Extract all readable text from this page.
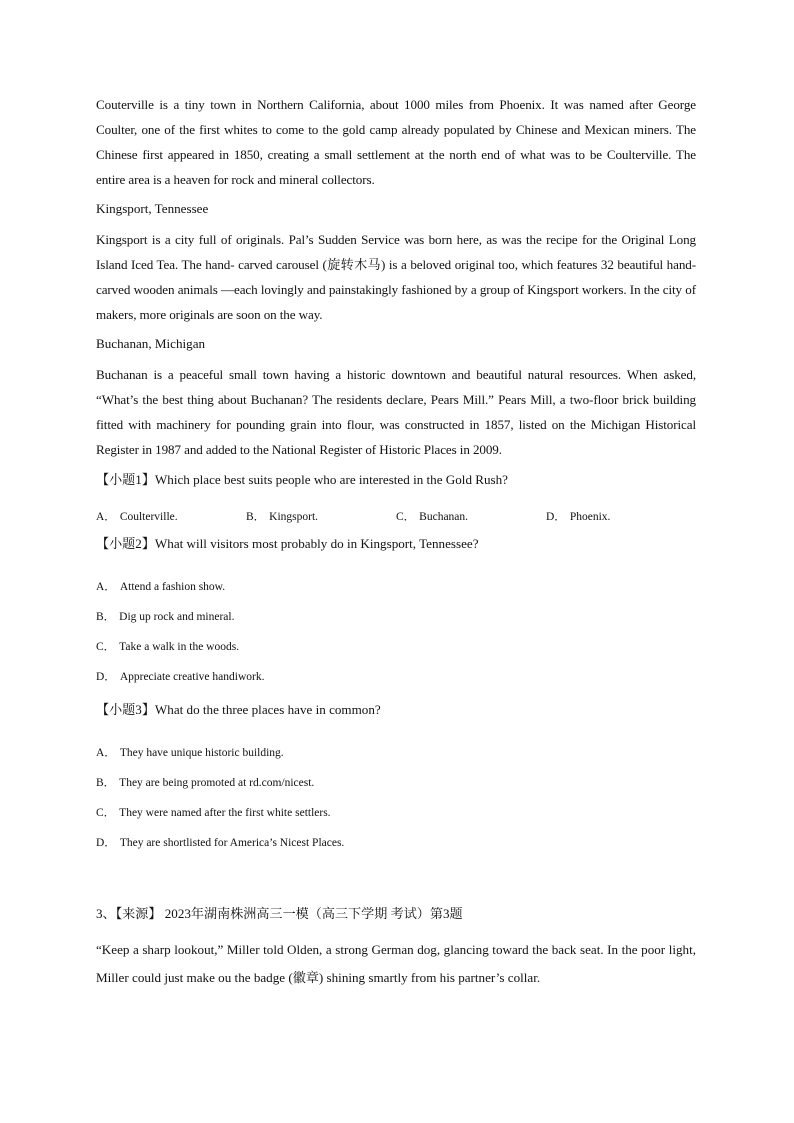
Couterville is a tiny town in Northern California, about 1000 miles from Phoenix. It was named after George Coulter, one of the first whites to come to the gold camp already populated by Chinese and Mexican miners. The Chinese first appeared in 1850, creating a small settlement at the north end of what was to be Coulterville. The entire area is a heaven for rock and mineral collectors.

Kingsport, Tennessee

Kingsport is a city full of originals. Pal’s Sudden Service was born here, as was the recipe for the Original Long Island Iced Tea. The hand- carved carousel (旋转木马) is a beloved original too, which features 32 beautiful hand-carved wooden animals —each lovingly and painstakingly fashioned by a group of Kingsport workers. In the city of makers, more originals are soon on the way.

Buchanan, Michigan

Buchanan is a peaceful small town having a historic downtown and beautiful natural resources. When asked, “What’s the best thing about Buchanan? The residents declare, Pears Mill.” Pears Mill, a two-floor brick building fitted with machinery for pounding grain into flour, was constructed in 1857, listed on the Michigan Historical Register in 1987 and added to the National Register of Historic Places in 2009.

【小题1】Which place best suits people who are interested in the Gold Rush?

A． Coulterville.	B． Kingsport.	C． Buchanan.	D． Phoenix.

【小题2】What will visitors most probably do in Kingsport, Tennessee?

A． Attend a fashion show.
B． Dig up rock and mineral.
C． Take a walk in the woods.
D． Appreciate creative handiwork.

【小题3】What do the three places have in common?

A． They have unique historic building.
B． They are being promoted at rd.com/nicest.
C． They were named after the first white settlers.
D． They are shortlisted for America’s Nicest Places.

3、【来源】 2023年湖南株洲高三一模（高三下学期 考试）第3题

“Keep a sharp lookout,” Miller told Olden, a strong German dog, glancing toward the back seat. In the poor light, Miller could just make ou the badge (徽章) shining smartly from his partner’s collar.
